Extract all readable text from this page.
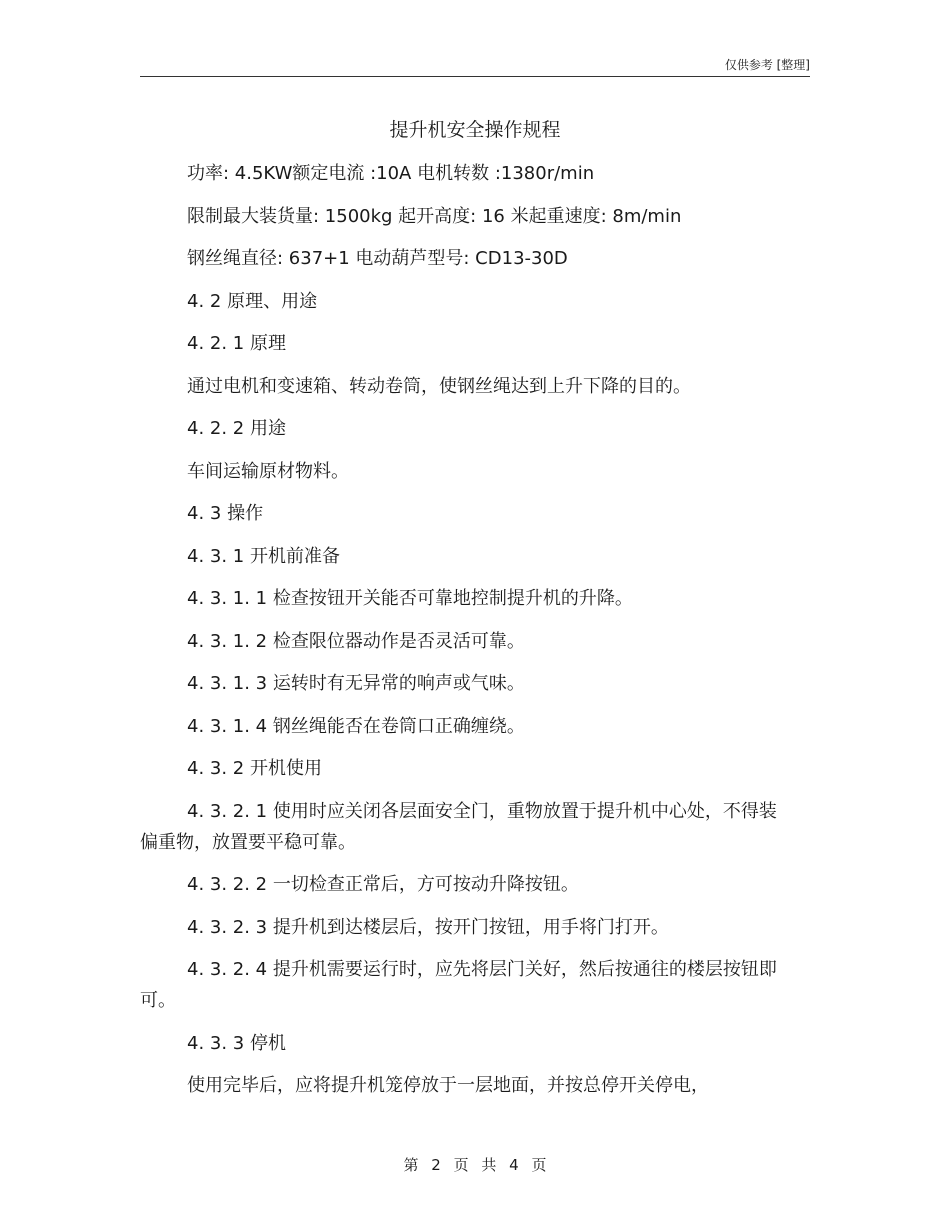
仅供参考 [整理]
提升机安全操作规程

功率: 4.5KW额定电流 :10A 电机转数 :1380r/min

限制最大装货量: 1500kg 起开高度: 16 米起重速度: 8m/min

钢丝绳直径: 637+1 电动葫芦型号: CD13-30D

4. 2 原理、用途

4. 2. 1 原理

通过电机和变速箱、转动卷筒，使钢丝绳达到上升下降的目的。

4. 2. 2 用途

车间运输原材物料。

4. 3 操作

4. 3. 1 开机前准备

4. 3. 1. 1 检查按钮开关能否可靠地控制提升机的升降。

4. 3. 1. 2 检查限位器动作是否灵活可靠。

4. 3. 1. 3 运转时有无异常的响声或气味。

4. 3. 1. 4 钢丝绳能否在卷筒口正确缠绕。

4. 3. 2 开机使用

4. 3. 2. 1 使用时应关闭各层面安全门，重物放置于提升机中心处，不得装偏重物，放置要平稳可靠。

4. 3. 2. 2 一切检查正常后，方可按动升降按钮。

4. 3. 2. 3 提升机到达楼层后，按开门按钮，用手将门打开。

4. 3. 2. 4 提升机需要运行时，应先将层门关好，然后按通往的楼层按钮即可。

4. 3. 3 停机

使用完毕后，应将提升机笼停放于一层地面，并按总停开关停电，

第 2 页 共 4 页
